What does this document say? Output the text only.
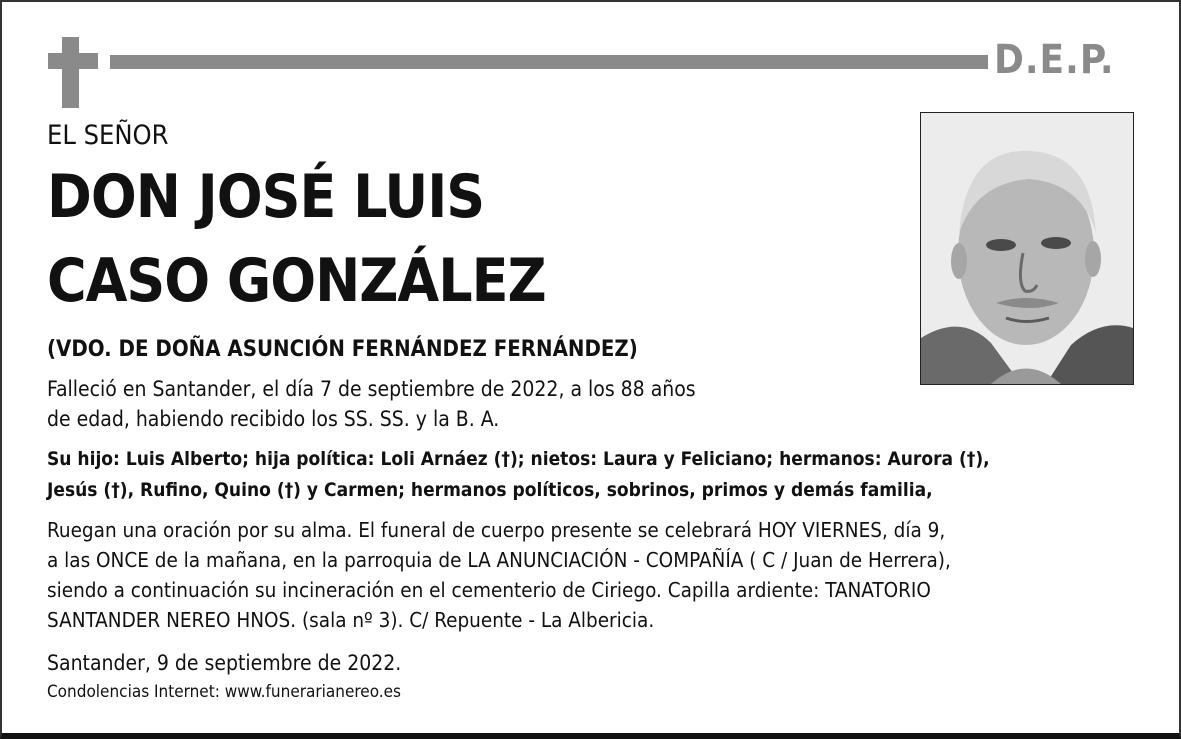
D.E.P.
EL SEÑOR
DON JOSÉ LUIS
CASO GONZÁLEZ
(VDO. DE DOÑA ASUNCIÓN FERNÁNDEZ FERNÁNDEZ)
Falleció en Santander, el día 7 de septiembre de 2022, a los 88 años
de edad, habiendo recibido los SS. SS. y la B. A.
Su hijo: Luis Alberto; hija política: Loli Arnáez (†); nietos: Laura y Feliciano; hermanos: Aurora (†),
Jesús (†), Rufino, Quino (†) y Carmen; hermanos políticos, sobrinos, primos y demás familia,
Ruegan una oración por su alma. El funeral de cuerpo presente se celebrará HOY VIERNES, día 9,
a las ONCE de la mañana, en la parroquia de LA ANUNCIACIÓN - COMPAÑÍA ( C / Juan de Herrera),
siendo a continuación su incineración en el cementerio de Ciriego. Capilla ardiente: TANATORIO
SANTANDER NEREO HNOS. (sala nº 3). C/ Repuente - La Albericia.
Santander, 9 de septiembre de 2022.
Condolencias Internet: www.funerarianereo.es
